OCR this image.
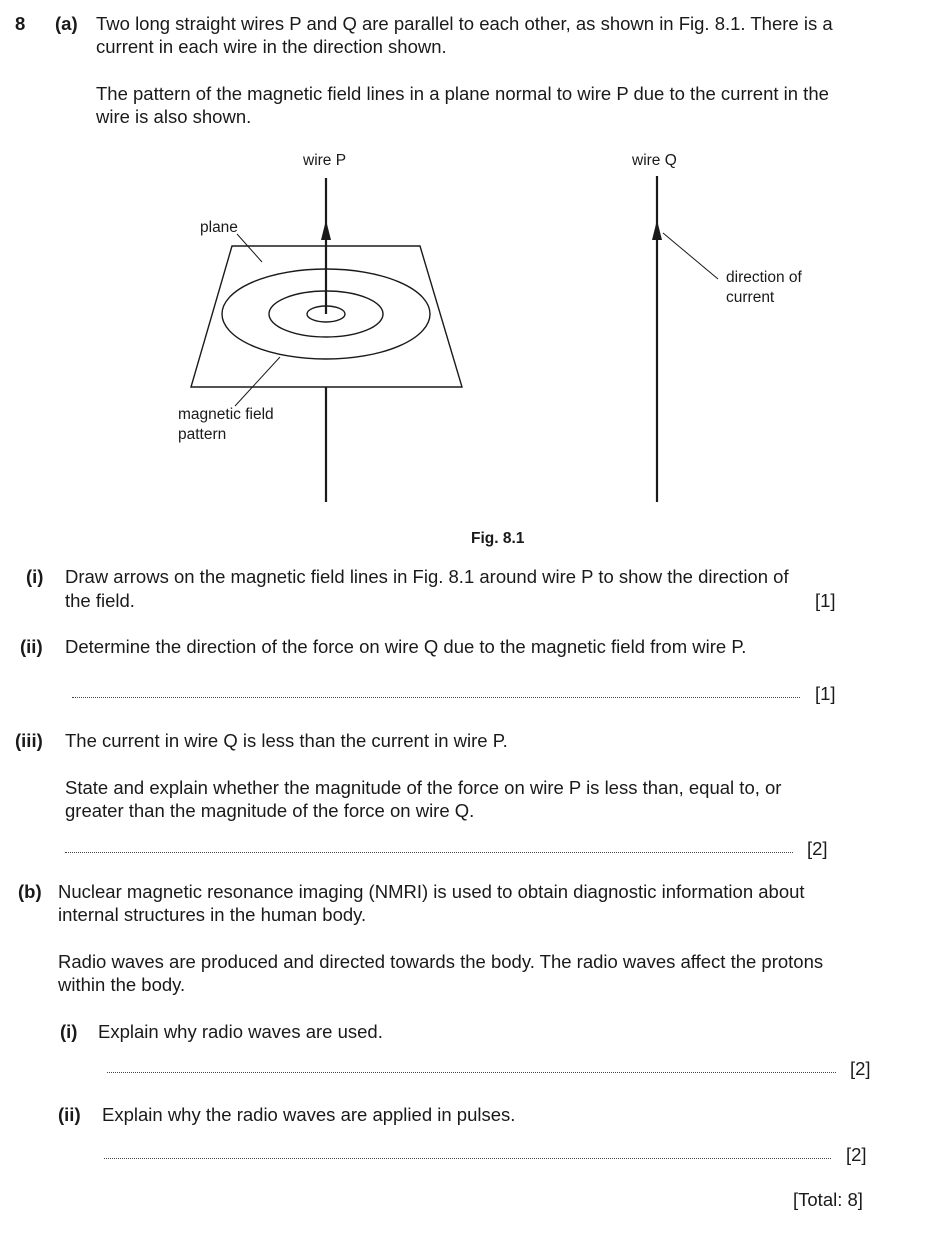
8 (a) Two long straight wires P and Q are parallel to each other, as shown in Fig. 8.1. There is a
current in each wire in the direction shown.
The pattern of the magnetic field lines in a plane normal to wire P due to the current in the
wire is also shown.
wire P	wire Q
plane
magnetic field
pattern
direction of
current
Fig. 8.1
(i) Draw arrows on the magnetic field lines in Fig. 8.1 around wire P to show the direction of
the field.	[1]
(ii) Determine the direction of the force on wire Q due to the magnetic field from wire P.
[1]
(iii) The current in wire Q is less than the current in wire P.
State and explain whether the magnitude of the force on wire P is less than, equal to, or
greater than the magnitude of the force on wire Q.
[2]
(b) Nuclear magnetic resonance imaging (NMRI) is used to obtain diagnostic information about
internal structures in the human body.
Radio waves are produced and directed towards the body. The radio waves affect the protons
within the body.
(i) Explain why radio waves are used.
[2]
(ii) Explain why the radio waves are applied in pulses.
[2]
[Total: 8]
